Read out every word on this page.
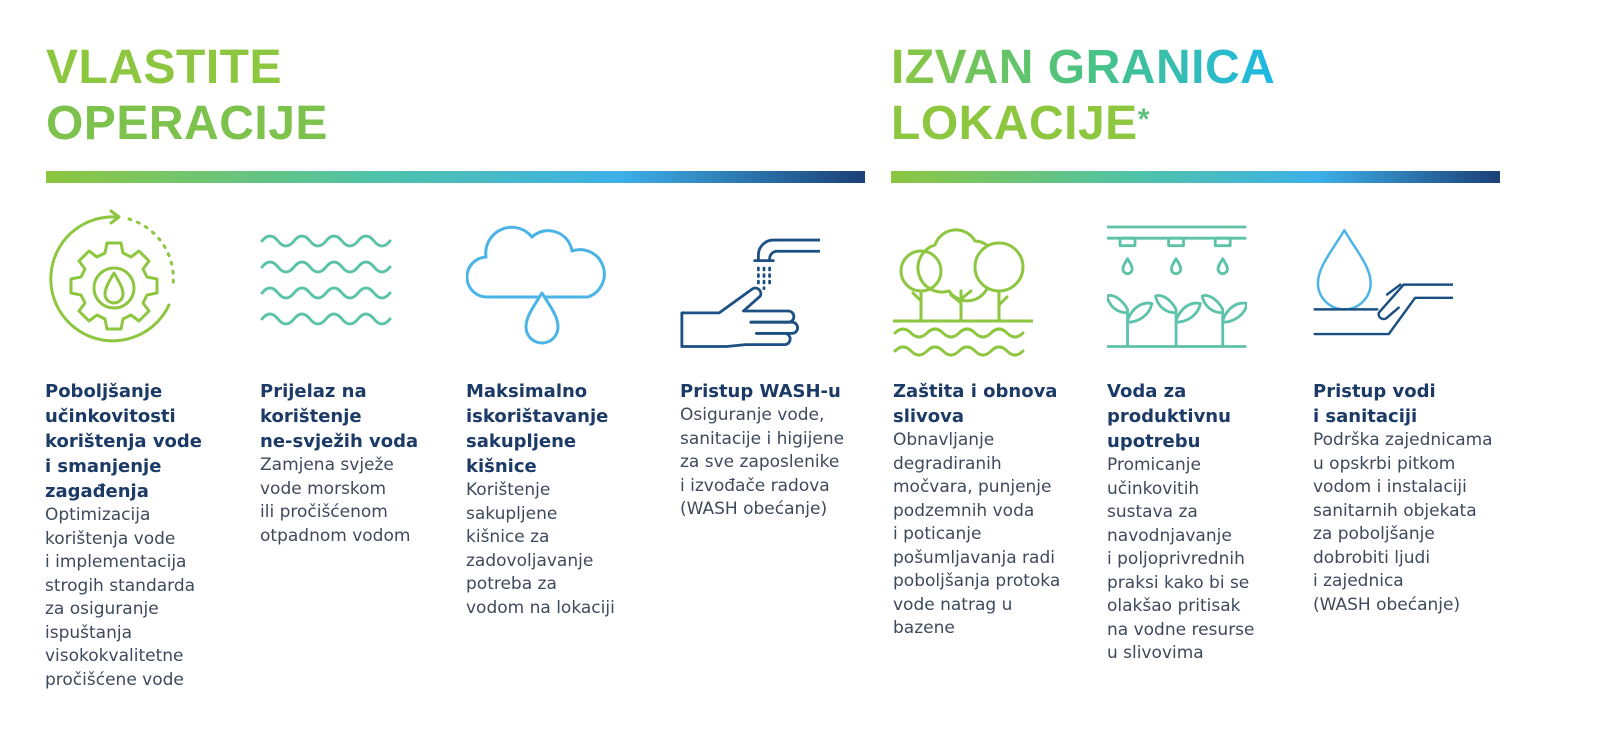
VLASTITE
OPERACIJE
IZVAN GRANICA
LOKACIJE*
Poboljšanje
učinkovitosti
korištenja vode
i smanjenje
zagađenja

Optimizacija
korištenja vode
i implementacija
strogih standarda
za osiguranje
ispuštanja
visokokvalitetne
pročišćene vode

Prijelaz na
korištenje
ne-svježih voda

Zamjena svježe
vode morskom
ili pročišćenom
otpadnom vodom

Maksimalno
iskorištavanje
sakupljene
kišnice

Korištenje
sakupljene
kišnice za
zadovoljavanje
potreba za
vodom na lokaciji

Pristup WASH-u

Osiguranje vode,
sanitacije i higijene
za sve zaposlenike
i izvođače radova
(WASH obećanje)

Zaštita i obnova
slivova

Obnavljanje
degradiranih
močvara, punjenje
podzemnih voda
i poticanje
pošumljavanja radi
poboljšanja protoka
vode natrag u
bazene

Voda za
produktivnu
upotrebu

Promicanje
učinkovitih
sustava za
navodnjavanje
i poljoprivrednih
praksi kako bi se
olakšao pritisak
na vodne resurse
u slivovima

Pristup vodi
i sanitaciji

Podrška zajednicama
u opskrbi pitkom
vodom i instalaciji
sanitarnih objekata
za poboljšanje
dobrobiti ljudi
i zajednica
(WASH obećanje)
